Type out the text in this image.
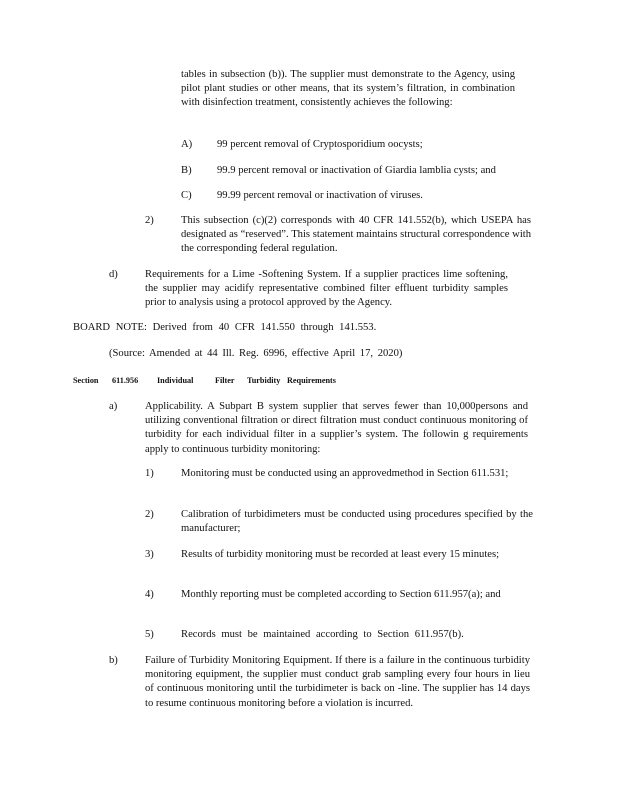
tables in subsection (b)). The supplier must demonstrate to the Agency, using pilot plant studies or other means, that its system’s filtration, in combination with disinfection treatment, consistently achieves the following:
A) 99 percent removal of Cryptosporidium oocysts;
B) 99.9 percent removal or inactivation of Giardia lamblia cysts; and
C) 99.99 percent removal or inactivation of viruses.
2)	This subsection (c)(2) corresponds with 40 CFR 141.552(b), which USEPA has designated as “reserved”. This statement maintains structural correspondence with the corresponding federal regulation.
d)	Requirements for a Lime -Softening System. If a supplier practices lime softening, the supplier may acidify representative combined filter effluent turbidity samples prior to analysis using a protocol approved by the Agency.
BOARD NOTE: Derived from 40 CFR 141.550 through 141.553.
(Source: Amended at 44 Ill. Reg. 6996, effective April 17, 2020)
Section 611.956 Individual	Filter Turbidity Requirements
a)	Applicability. A Subpart B system supplier that serves fewer than 10,000persons and utilizing conventional filtration or direct filtration must conduct continuous monitoring of turbidity for each individual filter in a supplier’s system. The followin g requirements apply to continuous turbidity monitoring:
1)	Monitoring must be conducted using an approvedmethod in Section 611.531;
2)	Calibration of turbidimeters must be conducted using procedures specified by the manufacturer;
3)	Results of turbidity monitoring must be recorded at least every 15 minutes;
4)	Monthly reporting must be completed according to Section 611.957(a); and
5)	Records must be maintained according to Section 611.957(b).
b)	Failure of Turbidity Monitoring Equipment. If there is a failure in the continuous turbidity monitoring equipment, the supplier must conduct grab sampling every four hours in lieu of continuous monitoring until the turbidimeter is back on -line. The supplier has 14 days to resume continuous monitoring before a violation is incurred.
